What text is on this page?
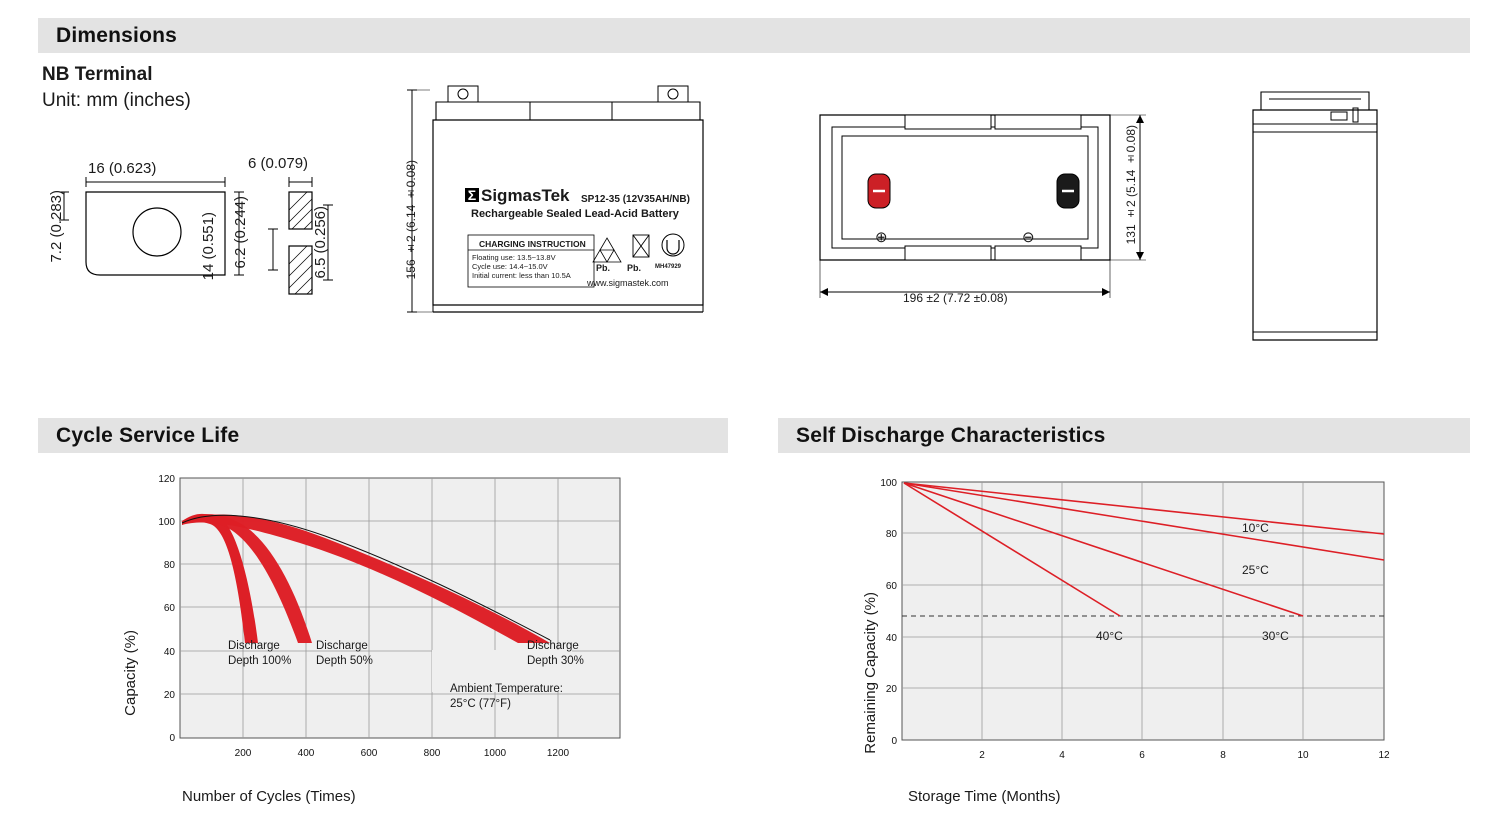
Dimensions
NB Terminal
Unit: mm (inches)
16 (0.623)
7.2 (0.283)	14 (0.551)
6 (0.079)
6.2 (0.244)	6.5 (0.256)	156 ±2 (6.14 ±0.08)	SigmasTek
Σ	SP12-35 (12V35AH/NB)
Rechargeable Sealed Lead-Acid Battery
CHARGING INSTRUCTION
Floating use: 13.5~13.8V
Cycle use: 14.4~15.0V
Initial current: less than 10.5A
Pb. Pb. MH47929
www.sigmastek.com
⊕	⊖	131 ±2 (5.14 ±0.08)
196 ±2 (7.72 ±0.08)
Cycle Service Life
120
100
80
60
40
20
0
200	400	600	800	1000	1200
Discharge
Depth 100%
Discharge
Depth 50%
Discharge
Depth 30%
Ambient Temperature:
25°C (77°F)
Capacity (%)
Number of Cycles (Times)
Self Discharge Characteristics
100
80
60
40
20
0
2	4	6	8	10	12
10°C
25°C
30°C
40°C
Remaining Capacity (%)
Storage Time (Months)
